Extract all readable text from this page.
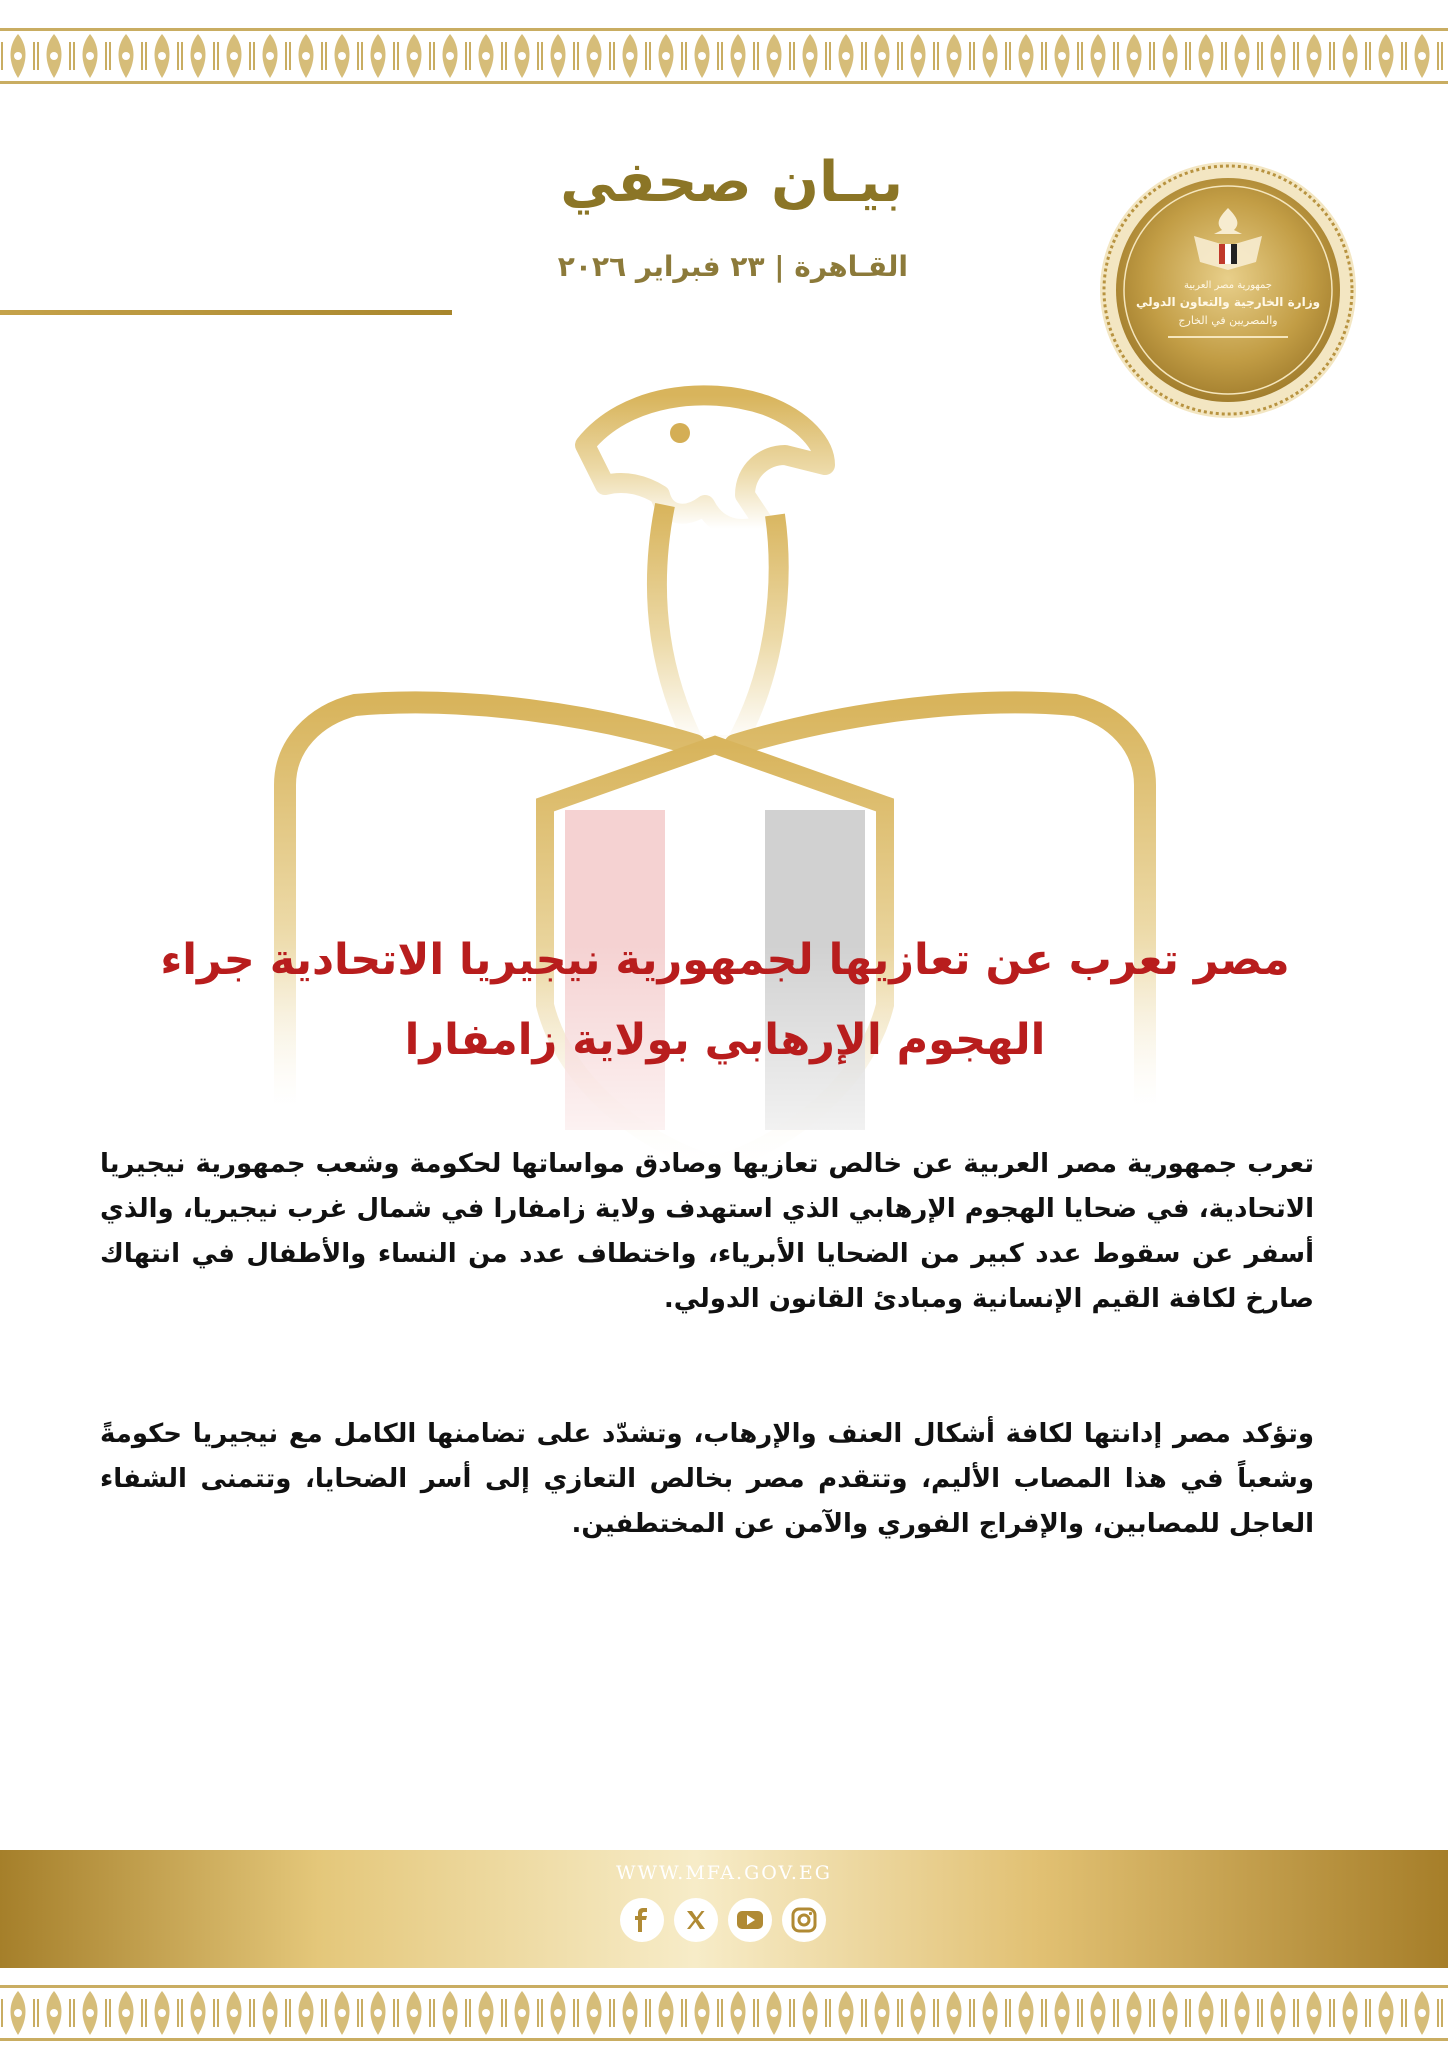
بيـان صحفي
القـاهرة | ٢٣ فبراير ٢٠٢٦
جمهورية مصر العربية
وزارة الخارجية والتعاون الدولي
والمصريين في الخارج
مصر تعرب عن تعازيها لجمهورية نيجيريا الاتحادية جراء الهجوم الإرهابي بولاية زامفارا
تعرب جمهورية مصر العربية عن خالص تعازيها وصادق مواساتها لحكومة وشعب جمهورية نيجيريا الاتحادية، في ضحايا الهجوم الإرهابي الذي استهدف ولاية زامفارا في شمال غرب نيجيريا، والذي أسفر عن سقوط عدد كبير من الضحايا الأبرياء، واختطاف عدد من النساء والأطفال في انتهاك صارخ لكافة القيم الإنسانية ومبادئ القانون الدولي.
وتؤكد مصر إدانتها لكافة أشكال العنف والإرهاب، وتشدّد على تضامنها الكامل مع نيجيريا حكومةً وشعباً في هذا المصاب الأليم، وتتقدم مصر بخالص التعازي إلى أسر الضحايا، وتتمنى الشفاء العاجل للمصابين، والإفراج الفوري والآمن عن المختطفين.
WWW.MFA.GOV.EG
